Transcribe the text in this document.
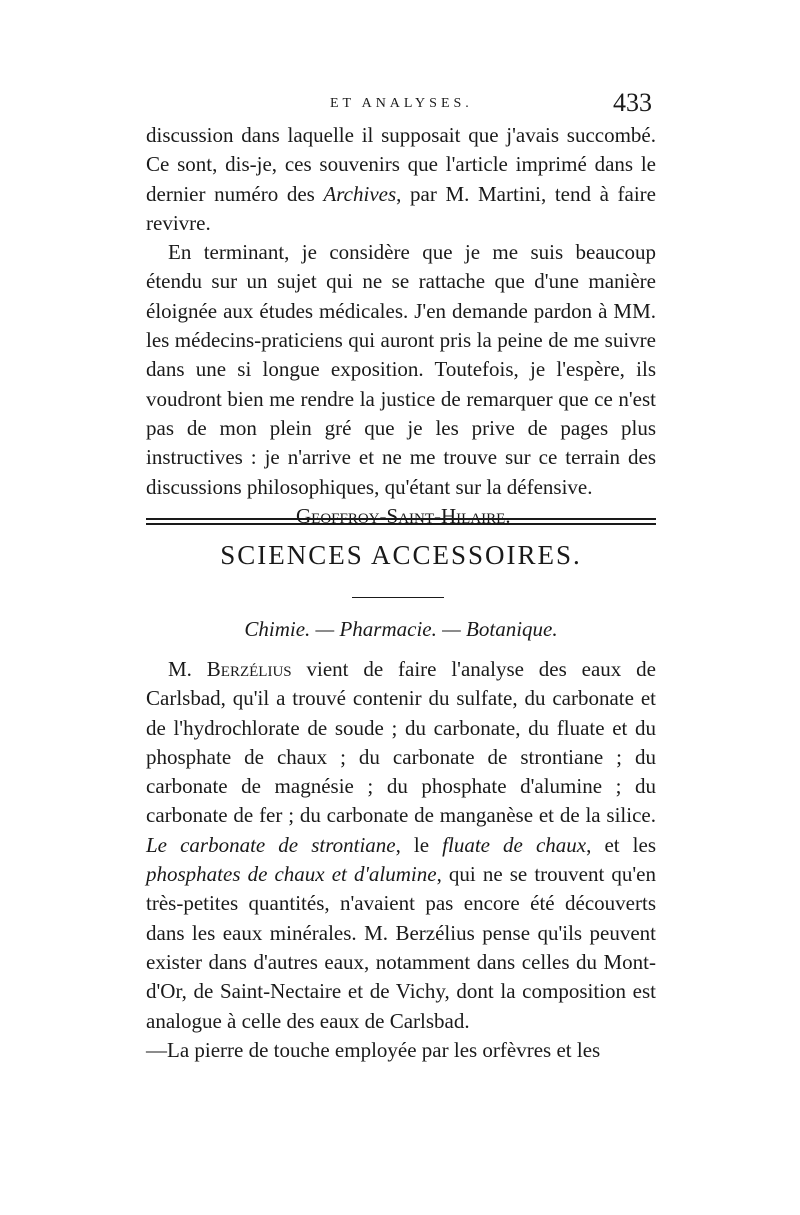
ET ANALYSES.	433

discussion dans laquelle il supposait que j'avais succombé. Ce sont, dis-je, ces souvenirs que l'article imprimé dans le dernier numéro des Archives, par M. Martini, tend à faire revivre.

En terminant, je considère que je me suis beaucoup étendu sur un sujet qui ne se rattache que d'une manière éloignée aux études médicales. J'en demande pardon à MM. les médecins-praticiens qui auront pris la peine de me suivre dans une si longue exposition. Toutefois, je l'espère, ils voudront bien me rendre la justice de remarquer que ce n'est pas de mon plein gré que je les prive de pages plus instructives : je n'arrive et ne me trouve sur ce terrain des discussions philosophiques, qu'étant sur la défensive.

Geoffroy-Saint-Hilaire.
SCIENCES ACCESSOIRES.
Chimie. — Pharmacie. — Botanique.

M. Berzélius vient de faire l'analyse des eaux de Carlsbad, qu'il a trouvé contenir du sulfate, du carbonate et de l'hydrochlorate de soude ; du carbonate, du fluate et du phosphate de chaux ; du carbonate de strontiane ; du carbonate de magnésie ; du phosphate d'alumine ; du carbonate de fer ; du carbonate de manganèse et de la silice. Le carbonate de strontiane, le fluate de chaux, et les phosphates de chaux et d'alumine, qui ne se trouvent qu'en très-petites quantités, n'avaient pas encore été découverts dans les eaux minérales. M. Berzélius pense qu'ils peuvent exister dans d'autres eaux, notamment dans celles du Mont-d'Or, de Saint-Nectaire et de Vichy, dont la composition est analogue à celle des eaux de Carlsbad.

—La pierre de touche employée par les orfèvres et les
